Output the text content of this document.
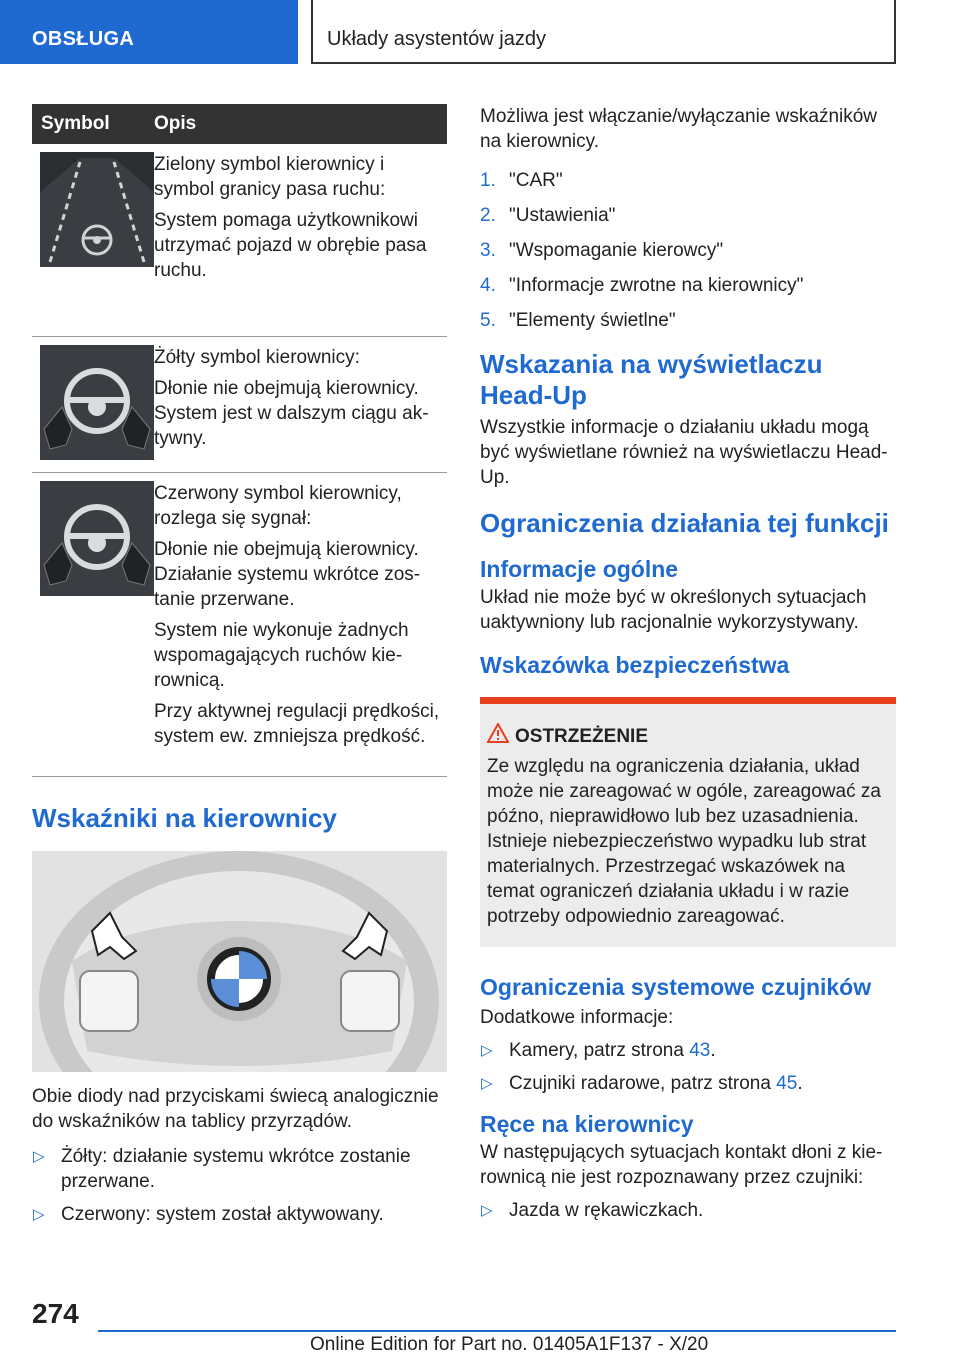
OBSŁUGA	Układy asystentów jazdy
Symbol	Opis

Zielony symbol kierownicy i symbol granicy pasa ruchu:

System pomaga użytkownikowi utrzymać pojazd w obrębie pasa ruchu.

Żółty symbol kierownicy:

Dłonie nie obejmują kierownicy. System jest w dalszym ciągu aktywny.

Czerwony symbol kierownicy, rozlega się sygnał:

Dłonie nie obejmują kierownicy. Działanie systemu wkrótce zostanie przerwane.

System nie wykonuje żadnych wspomagających ruchów kierownicą.

Przy aktywnej regulacji prędkości, system ew. zmniejsza prędkość.

Wskaźniki na kierownicy

Obie diody nad przyciskami świecą analogicznie do wskaźników na tablicy przyrządów.

▷ Żółty: działanie systemu wkrótce zostanie przerwane.
▷ Czerwony: system został aktywowany.

Możliwa jest włączanie/wyłączanie wskaźników na kierownicy.

1. "CAR"
2. "Ustawienia"
3. "Wspomaganie kierowcy"
4. "Informacje zwrotne na kierownicy"
5. "Elementy świetlne"
Wskazania na wyświetlaczu Head-Up

Wszystkie informacje o działaniu układu mogą być wyświetlane również na wyświetlaczu Head-Up.

Ograniczenia działania tej funkcji
Informacje ogólne

Układ nie może być w określonych sytuacjach uaktywniony lub racjonalnie wykorzystywany.

Wskazówka bezpieczeństwa
OSTRZEŻENIE

Ze względu na ograniczenia działania, układ może nie zareagować w ogóle, zareagować za późno, nieprawidłowo lub bez uzasadnienia. Istnieje niebezpieczeństwo wypadku lub strat materialnych. Przestrzegać wskazówek na temat ograniczeń działania układu i w razie potrzeby odpowiednio zareagować.

Ograniczenia systemowe czujników

Dodatkowe informacje:

▷ Kamery, patrz strona 43.
▷ Czujniki radarowe, patrz strona 45.
Ręce na kierownicy

W następujących sytuacjach kontakt dłoni z kierownicą nie jest rozpoznawany przez czujniki:

▷ Jazda w rękawiczkach.
274
Online Edition for Part no. 01405A1F137 - X/20
